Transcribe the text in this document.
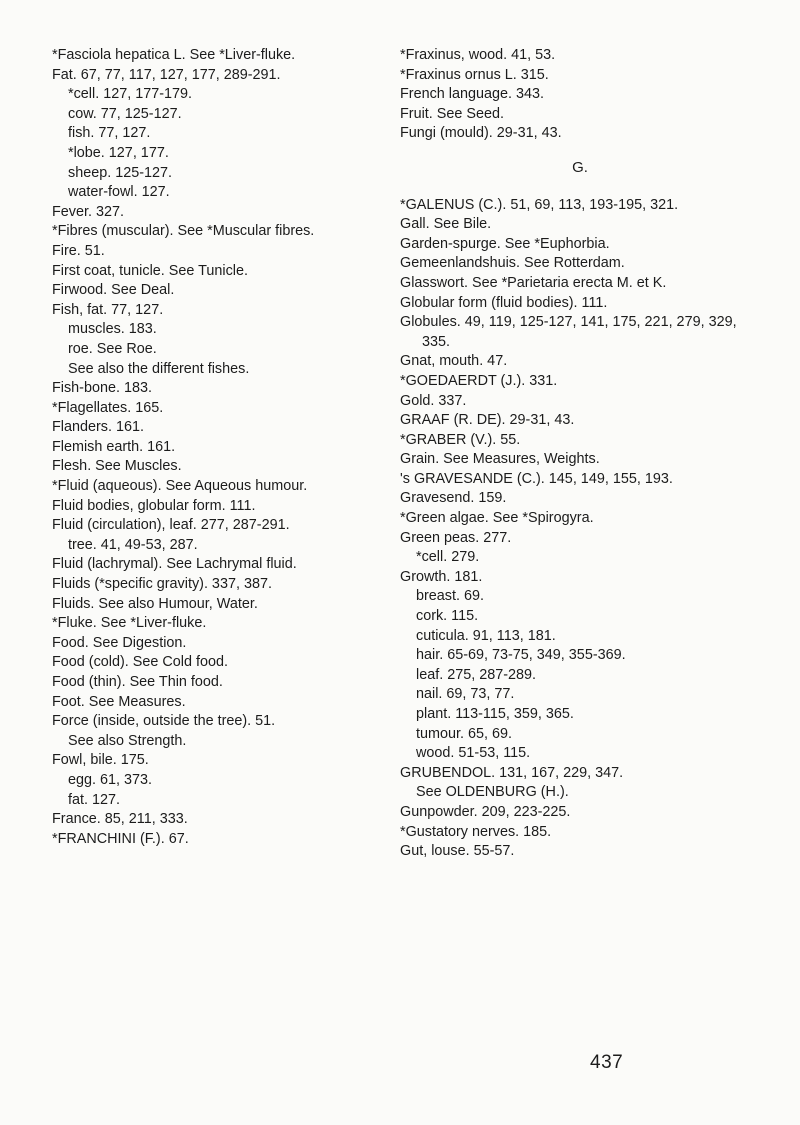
*Fasciola hepatica L. See *Liver-fluke.
Fat. 67, 77, 117, 127, 177, 289-291.
*cell. 127, 177-179.
cow. 77, 125-127.
fish. 77, 127.
*lobe. 127, 177.
sheep. 125-127.
water-fowl. 127.
Fever. 327.
*Fibres (muscular). See *Muscular fibres.
Fire. 51.
First coat, tunicle. See Tunicle.
Firwood. See Deal.
Fish, fat. 77, 127.
muscles. 183.
roe. See Roe.
See also the different fishes.
Fish-bone. 183.
*Flagellates. 165.
Flanders. 161.
Flemish earth. 161.
Flesh. See Muscles.
*Fluid (aqueous). See Aqueous humour.
Fluid bodies, globular form. 111.
Fluid (circulation), leaf. 277, 287-291.
tree. 41, 49-53, 287.
Fluid (lachrymal). See Lachrymal fluid.
Fluids (*specific gravity). 337, 387.
Fluids. See also Humour, Water.
*Fluke. See *Liver-fluke.
Food. See Digestion.
Food (cold). See Cold food.
Food (thin). See Thin food.
Foot. See Measures.
Force (inside, outside the tree). 51.
See also Strength.
Fowl, bile. 175.
egg. 61, 373.
fat. 127.
France. 85, 211, 333.
*FRANCHINI (F.). 67.
*Fraxinus, wood. 41, 53.
*Fraxinus ornus L. 315.
French language. 343.
Fruit. See Seed.
Fungi (mould). 29-31, 43.
G.
*GALENUS (C.). 51, 69, 113, 193-195, 321.
Gall. See Bile.
Garden-spurge. See *Euphorbia.
Gemeenlandshuis. See Rotterdam.
Glasswort. See *Parietaria erecta M. et K.
Globular form (fluid bodies). 111.
Globules. 49, 119, 125-127, 141, 175, 221, 279, 329, 335.
Gnat, mouth. 47.
*GOEDAERDT (J.). 331.
Gold. 337.
GRAAF (R. DE). 29-31, 43.
*GRABER (V.). 55.
Grain. See Measures, Weights.
's GRAVESANDE (C.). 145, 149, 155, 193.
Gravesend. 159.
*Green algae. See *Spirogyra.
Green peas. 277.
*cell. 279.
Growth. 181.
breast. 69.
cork. 115.
cuticula. 91, 113, 181.
hair. 65-69, 73-75, 349, 355-369.
leaf. 275, 287-289.
nail. 69, 73, 77.
plant. 113-115, 359, 365.
tumour. 65, 69.
wood. 51-53, 115.
GRUBENDOL. 131, 167, 229, 347.
See OLDENBURG (H.).
Gunpowder. 209, 223-225.
*Gustatory nerves. 185.
Gut, louse. 55-57.
437
